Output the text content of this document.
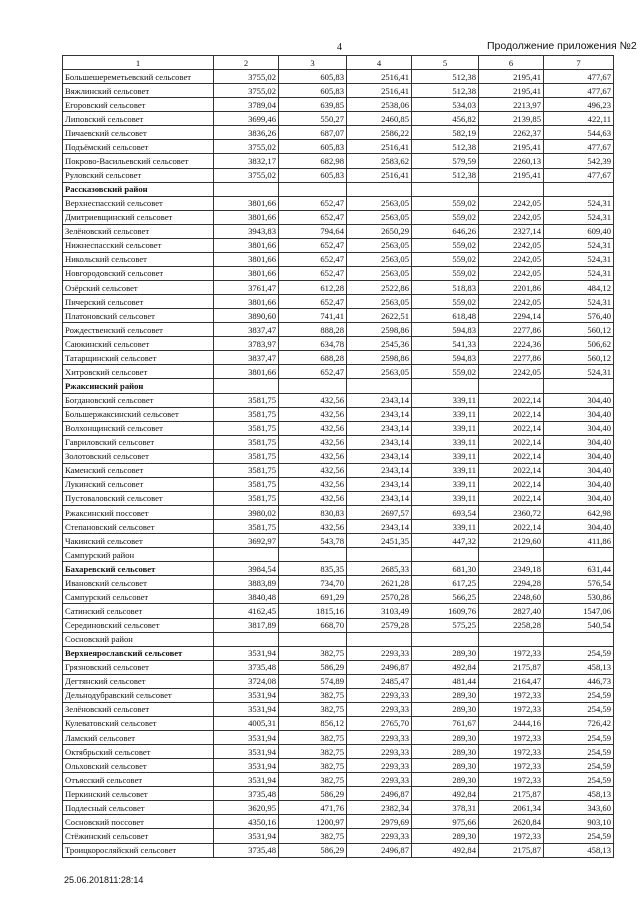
4	Продолжение приложения №2
1	2	3	4	5	6	7
Большешереметьевский сельсовет	3755,02	605,83	2516,41	512,38	2195,41	477,67
Вяжлинский сельсовет	3755,02	605,83	2516,41	512,38	2195,41	477,67
Егоровский сельсовет	3789,04	639,85	2538,06	534,03	2213,97	496,23
Липовский сельсовет	3699,46	550,27	2460,85	456,82	2139,85	422,11
Пичаевский сельсовет	3836,26	687,07	2586,22	582,19	2262,37	544,63
Подъёмский сельсовет	3755,02	605,83	2516,41	512,38	2195,41	477,67
Покрово-Васильевский сельсовет	3832,17	682,98	2583,62	579,59	2260,13	542,39
Руловский сельсовет	3755,02	605,83	2516,41	512,38	2195,41	477,67
Рассказовский район						
Верхнеспасский сельсовет	3801,66	652,47	2563,05	559,02	2242,05	524,31
Дмитриевщинский сельсовет	3801,66	652,47	2563,05	559,02	2242,05	524,31
Зелёновский сельсовет	3943,83	794,64	2650,29	646,26	2327,14	609,40
Нижнеспасский сельсовет	3801,66	652,47	2563,05	559,02	2242,05	524,31
Никольский сельсовет	3801,66	652,47	2563,05	559,02	2242,05	524,31
Новгородовский сельсовет	3801,66	652,47	2563,05	559,02	2242,05	524,31
Озёрский сельсовет	3761,47	612,28	2522,86	518,83	2201,86	484,12
Пичерский сельсовет	3801,66	652,47	2563,05	559,02	2242,05	524,31
Платоновский сельсовет	3890,60	741,41	2622,51	618,48	2294,14	576,40
Рождественский сельсовет	3837,47	888,28	2598,86	594,83	2277,86	560,12
Саюкинский сельсовет	3783,97	634,78	2545,36	541,33	2224,36	506,62
Татарщинский сельсовет	3837,47	688,28	2598,86	594,83	2277,86	560,12
Хитровский сельсовет	3801,66	652,47	2563,05	559,02	2242,05	524,31
Ржаксинский район						
Богдановский сельсовет	3581,75	432,56	2343,14	339,11	2022,14	304,40
Большержаксинский сельсовет	3581,75	432,56	2343,14	339,11	2022,14	304,40
Волхонщинский сельсовет	3581,75	432,56	2343,14	339,11	2022,14	304,40
Гавриловский сельсовет	3581,75	432,56	2343,14	339,11	2022,14	304,40
Золотовский сельсовет	3581,75	432,56	2343,14	339,11	2022,14	304,40
Каменский сельсовет	3581,75	432,56	2343,14	339,11	2022,14	304,40
Лукинский сельсовет	3581,75	432,56	2343,14	339,11	2022,14	304,40
Пустоваловский сельсовет	3581,75	432,56	2343,14	339,11	2022,14	304,40
Ржаксинский поссовет	3980,02	830,83	2697,57	693,54	2360,72	642,98
Степановский сельсовет	3581,75	432,56	2343,14	339,11	2022,14	304,40
Чакинский сельсовет	3692,97	543,78	2451,35	447,32	2129,60	411,86
Сампурский район						
Бахаревский сельсовет	3984,54	835,35	2685,33	681,30	2349,18	631,44
Ивановский сельсовет	3883,89	734,70	2621,28	617,25	2294,28	576,54
Сампурский сельсовет	3840,48	691,29	2570,28	566,25	2248,60	530,86
Сатинский сельсовет	4162,45	1815,16	3103,49	1609,76	2827,40	1547,06
Серединовский сельсовет	3817,89	668,70	2579,28	575,25	2258,28	540,54
Сосновский район						
Верхнеярославский сельсовет	3531,94	382,75	2293,33	289,30	1972,33	254,59
Грязновский сельсовет	3735,48	586,29	2496,87	492,84	2175,87	458,13
Дегтянский сельсовет	3724,08	574,89	2485,47	481,44	2164,47	446,73
Дельнодубравский сельсовет	3531,94	382,75	2293,33	289,30	1972,33	254,59
Зелёновский сельсовет	3531,94	382,75	2293,33	289,30	1972,33	254,59
Кулеватовский сельсовет	4005,31	856,12	2765,70	761,67	2444,16	726,42
Ламский сельсовет	3531,94	382,75	2293,33	289,30	1972,33	254,59
Октябрьский сельсовет	3531,94	382,75	2293,33	289,30	1972,33	254,59
Ольховский сельсовет	3531,94	382,75	2293,33	289,30	1972,33	254,59
Отъясский сельсовет	3531,94	382,75	2293,33	289,30	1972,33	254,59
Перкинский сельсовет	3735,48	586,29	2496,87	492,84	2175,87	458,13
Подлесный сельсовет	3620,95	471,76	2382,34	378,31	2061,34	343,60
Сосновский поссовет	4350,16	1200,97	2979,69	975,66	2620,84	903,10
Стёжинский сельсовет	3531,94	382,75	2293,33	289,30	1972,33	254,59
Троицкоросляйский сельсовет	3735,48	586,29	2496,87	492,84	2175,87	458,13
25.06.201811:28:14
